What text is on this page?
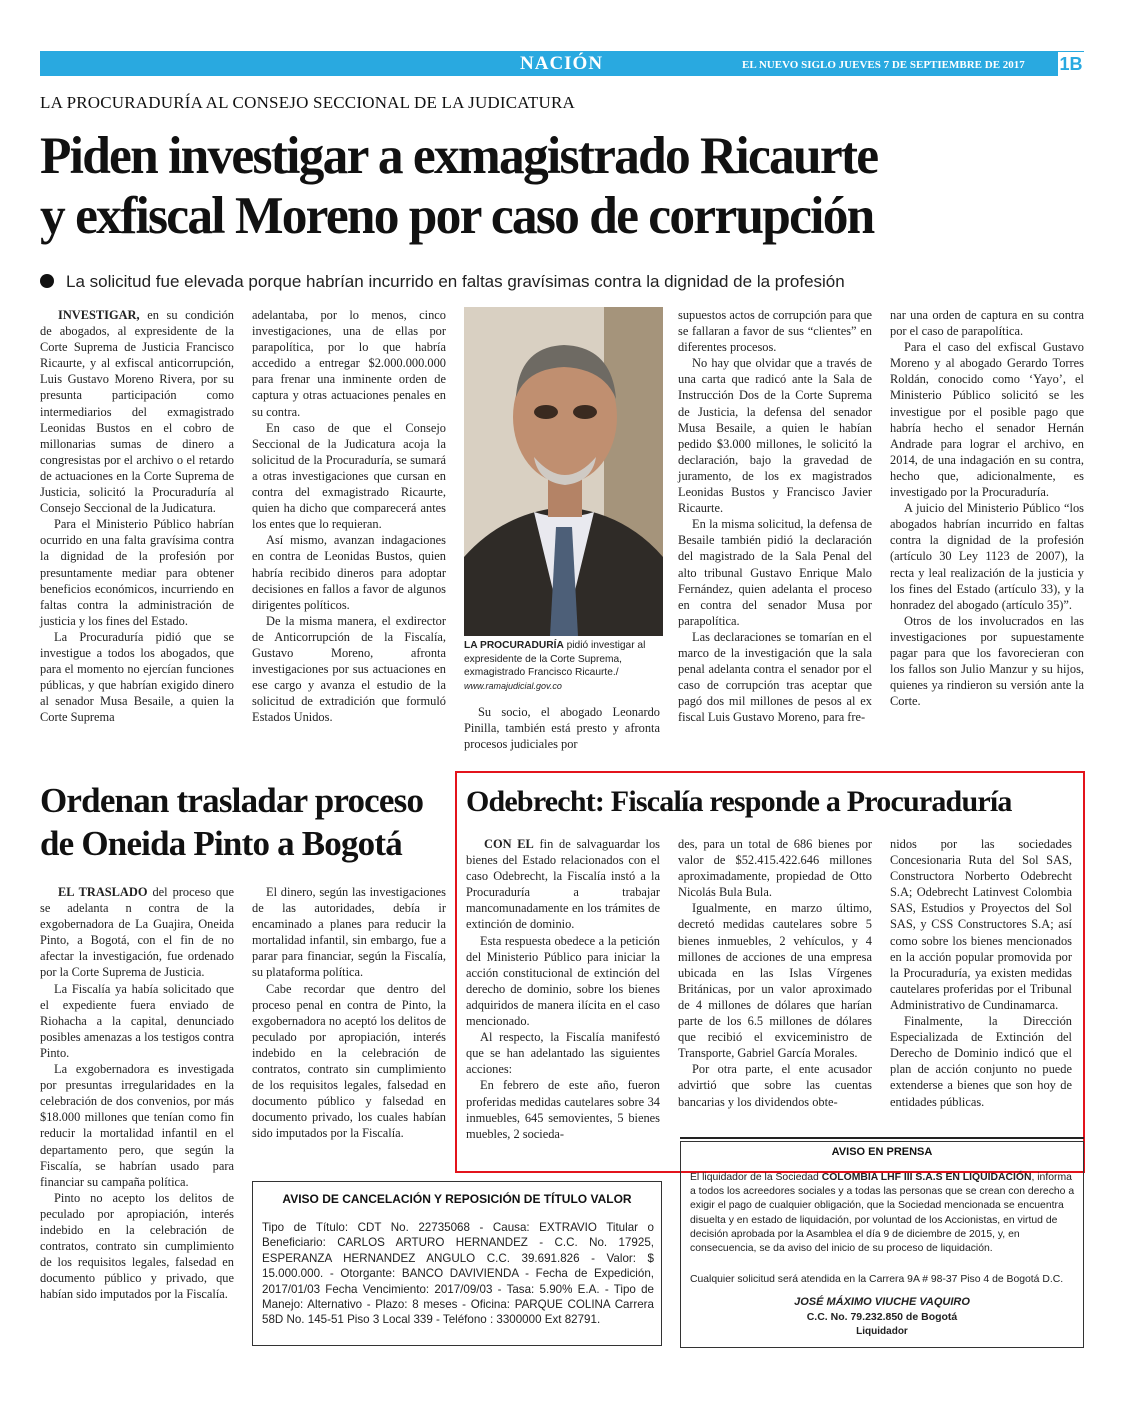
NACIÓN	EL NUEVO SIGLO JUEVES 7 DE SEPTIEMBRE DE 2017 1B
LA PROCURADURÍA AL CONSEJO SECCIONAL DE LA JUDICATURA
Piden investigar a exmagistrado Ricaurte
y exfiscal Moreno por caso de corrupción
La solicitud fue elevada porque habrían incurrido en faltas gravísimas contra la dignidad de la profesión

INVESTIGAR, en su condición de abogados, al expresidente de la Corte Suprema de Justicia Francisco Ricaurte, y al exfiscal anticorrupción, Luis Gustavo Moreno Rivera, por su presunta participación como intermediarios del exmagistrado Leonidas Bustos en el cobro de millonarias sumas de dinero a congresistas por el archivo o el retardo de actuaciones en la Corte Suprema de Justicia, solicitó la Procuraduría al Consejo Seccional de la Judicatura.

Para el Ministerio Público habrían ocurrido en una falta gravísima contra la dignidad de la profesión por presuntamente mediar para obtener beneficios económicos, incurriendo en faltas contra la administración de justicia y los fines del Estado.

La Procuraduría pidió que se investigue a todos los abogados, que para el momento no ejercían funciones públicas, y que habrían exigido dinero al senador Musa Besaile, a quien la Corte Suprema

adelantaba, por lo menos, cinco investigaciones, una de ellas por parapolítica, por lo que habría accedido a entregar $2.000.000.000 para frenar una inminente orden de captura y otras actuaciones penales en su contra.

En caso de que el Consejo Seccional de la Judicatura acoja la solicitud de la Procuraduría, se sumará a otras investigaciones que cursan en contra del exmagistrado Ricaurte, quien ha dicho que comparecerá antes los entes que lo requieran.

Así mismo, avanzan indagaciones en contra de Leonidas Bustos, quien habría recibido dineros para adoptar decisiones en fallos a favor de algunos dirigentes políticos.

De la misma manera, el exdirector de Anticorrupción de la Fiscalía, Gustavo Moreno, afronta investigaciones por sus actuaciones en ese cargo y avanza el estudio de la solicitud de extradición que formuló Estados Unidos.

LA PROCURADURÍA pidió investigar al expresidente de la Corte Suprema, exmagistrado Francisco Ricaurte./
www.ramajudicial.gov.co

Su socio, el abogado Leonardo Pinilla, también está presto y afronta procesos judiciales por

supuestos actos de corrupción para que se fallaran a favor de sus “clientes” en diferentes procesos.

No hay que olvidar que a través de una carta que radicó ante la Sala de Instrucción Dos de la Corte Suprema de Justicia, la defensa del senador Musa Besaile, a quien le habían pedido $3.000 millones, le solicitó la declaración, bajo la gravedad de juramento, de los ex magistrados Leonidas Bustos y Francisco Javier Ricaurte.

En la misma solicitud, la defensa de Besaile también pidió la declaración del magistrado de la Sala Penal del alto tribunal Gustavo Enrique Malo Fernández, quien adelanta el proceso en contra del senador Musa por parapolítica.

Las declaraciones se tomarían en el marco de la investigación que la sala penal adelanta contra el senador por el caso de corrupción tras aceptar que pagó dos mil millones de pesos al ex fiscal Luis Gustavo Moreno, para fre-

nar una orden de captura en su contra por el caso de parapolítica.

Para el caso del exfiscal Gustavo Moreno y al abogado Gerardo Torres Roldán, conocido como ‘Yayo’, el Ministerio Público solicitó se les investigue por el posible pago que habría hecho el senador Hernán Andrade para lograr el archivo, en 2014, de una indagación en su contra, hecho que, adicionalmente, es investigado por la Procuraduría.

A juicio del Ministerio Público “los abogados habrían incurrido en faltas contra la dignidad de la profesión (artículo 30 Ley 1123 de 2007), la recta y leal realización de la justicia y los fines del Estado (artículo 33), y la honradez del abogado (artículo 35)”.

Otros de los involucrados en las investigaciones por supuestamente pagar para que los favorecieran con los fallos son Julio Manzur y su hijos, quienes ya rindieron su versión ante la Corte.

Ordenan trasladar proceso
de Oneida Pinto a Bogotá

EL TRASLADO del proceso que se adelanta n contra de la exgobernadora de La Guajira, Oneida Pinto, a Bogotá, con el fin de no afectar la investigación, fue ordenado por la Corte Suprema de Justicia.

La Fiscalía ya había solicitado que el expediente fuera enviado de Riohacha a la capital, denunciado posibles amenazas a los testigos contra Pinto.

La exgobernadora es investigada por presuntas irregularidades en la celebración de dos convenios, por más $18.000 millones que tenían como fin reducir la mortalidad infantil en el departamento pero, que según la Fiscalía, se habrían usado para financiar su campaña política.

Pinto no acepto los delitos de peculado por apropiación, interés indebido en la celebración de contratos, contrato sin cumplimiento de los requisitos legales, falsedad en documento público y privado, que habían sido imputados por la Fiscalía.

El dinero, según las investigaciones de las autoridades, debía ir encaminado a planes para reducir la mortalidad infantil, sin embargo, fue a parar para financiar, según la Fiscalía, su plataforma política.

Cabe recordar que dentro del proceso penal en contra de Pinto, la exgobernadora no aceptó los delitos de peculado por apropiación, interés indebido en la celebración de contratos, contrato sin cumplimiento de los requisitos legales, falsedad en documento público y falsedad en documento privado, los cuales habían sido imputados por la Fiscalía.

Odebrecht: Fiscalía responde a Procuraduría

CON EL fin de salvaguardar los bienes del Estado relacionados con el caso Odebrecht, la Fiscalía instó a la Procuraduría a trabajar mancomunadamente en los trámites de extinción de dominio.

Esta respuesta obedece a la petición del Ministerio Público para iniciar la acción constitucional de extinción del derecho de dominio, sobre los bienes adquiridos de manera ilícita en el caso mencionado.

Al respecto, la Fiscalía manifestó que se han adelantado las siguientes acciones:

En febrero de este año, fueron proferidas medidas cautelares sobre 34 inmuebles, 645 semovientes, 5 bienes muebles, 2 socieda-

des, para un total de 686 bienes por valor de $52.415.422.646 millones aproximadamente, propiedad de Otto Nicolás Bula Bula.

Igualmente, en marzo último, decretó medidas cautelares sobre 5 bienes inmuebles, 2 vehículos, y 4 millones de acciones de una empresa ubicada en las Islas Vírgenes Británicas, por un valor aproximado de 4 millones de dólares que harían parte de los 6.5 millones de dólares que recibió el exviceministro de Transporte, Gabriel García Morales.

Por otra parte, el ente acusador advirtió que sobre las cuentas bancarias y los dividendos obte-

nidos por las sociedades Concesionaria Ruta del Sol SAS, Constructora Norberto Odebrecht S.A; Odebrecht Latinvest Colombia SAS, Estudios y Proyectos del Sol SAS, y CSS Constructores S.A; así como sobre los bienes mencionados en la acción popular promovida por la Procuraduría, ya existen medidas cautelares proferidas por el Tribunal Administrativo de Cundinamarca.

Finalmente, la Dirección Especializada de Extinción del Derecho de Dominio indicó que el plan de acción conjunto no puede extenderse a bienes que son hoy de entidades públicas.

AVISO DE CANCELACIÓN Y REPOSICIÓN DE TÍTULO VALOR
Tipo de Título: CDT No. 22735068 - Causa: EXTRAVIO Titular o Beneficiario: CARLOS ARTURO HERNANDEZ - C.C. No. 17925, ESPERANZA HERNANDEZ ANGULO C.C. 39.691.826 - Valor: $ 15.000.000. - Otorgante: BANCO DAVIVIENDA - Fecha de Expedición, 2017/01/03 Fecha Vencimiento: 2017/09/03 - Tasa: 5.90% E.A. - Tipo de Manejo: Alternativo - Plazo: 8 meses - Oficina: PARQUE COLINA Carrera 58D No. 145-51 Piso 3 Local 339 - Teléfono : 3300000 Ext 82791.
AVISO EN PRENSA
El liquidador de la Sociedad COLOMBIA LHF III S.A.S EN LIQUIDACIÓN, informa a todos los acreedores sociales y a todas las personas que se crean con derecho a exigir el pago de cualquier obligación, que la Sociedad mencionada se encuentra disuelta y en estado de liquidación, por voluntad de los Accionistas, en virtud de decisión aprobada por la Asamblea el día 9 de diciembre de 2015, y, en consecuencia, se da aviso del inicio de su proceso de liquidación.
Cualquier solicitud será atendida en la Carrera 9A # 98-37 Piso 4 de Bogotá D.C.
JOSÉ MÁXIMO VIUCHE VAQUIRO
C.C. No. 79.232.850 de Bogotá
Liquidador
